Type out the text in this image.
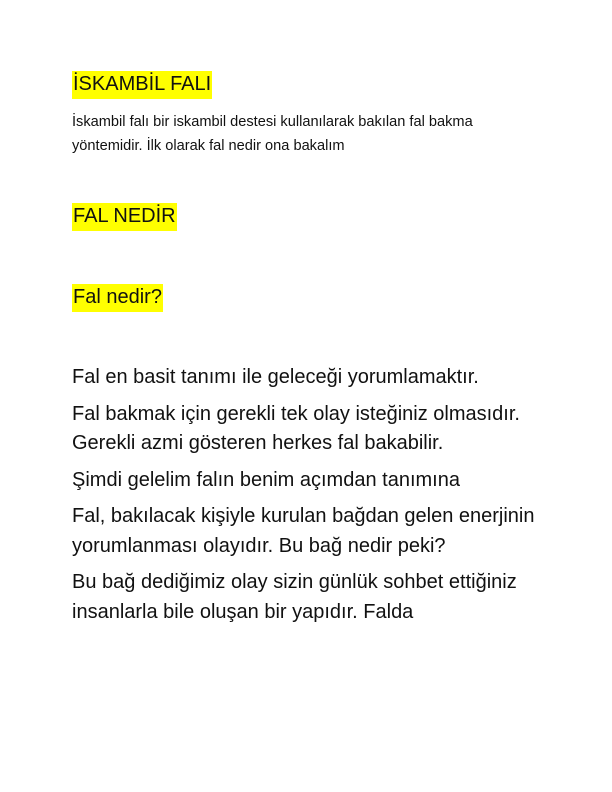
İSKAMBİL FALI

İskambil falı bir iskambil destesi kullanılarak bakılan fal bakma yöntemidir. İlk olarak fal nedir ona bakalım

FAL NEDİR
Fal nedir?

Fal en basit tanımı ile geleceği yorumlamaktır.

Fal bakmak için gerekli tek olay isteğiniz olmasıdır. Gerekli azmi gösteren herkes fal bakabilir.

Şimdi gelelim falın benim açımdan tanımına

Fal, bakılacak kişiyle kurulan bağdan gelen enerjinin yorumlanması olayıdır. Bu bağ nedir peki?

Bu bağ dediğimiz olay sizin günlük sohbet ettiğiniz insanlarla bile oluşan bir yapıdır. Falda
